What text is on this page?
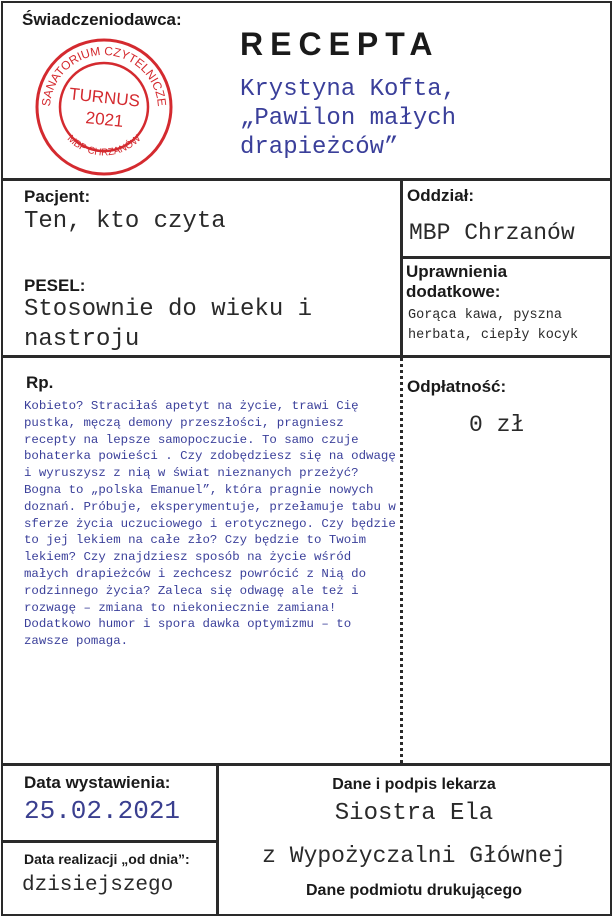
Świadczeniodawca:
SANATORIUM CZYTELNICZE
MBP CHRZANÓW
TURNUS
2021
RECEPTA
Krystyna Kofta, „Pawilon małych drapieżców”
Pacjent:
Ten, kto czyta
PESEL:
Stosownie do wieku i nastroju
Oddział:
MBP Chrzanów
Uprawnienia dodatkowe:
Gorąca kawa, pyszna herbata, ciepły kocyk
Rp.
Kobieto? Straciłaś apetyt na życie, trawi Cię pustka, męczą demony przeszłości, pragniesz recepty na lepsze samopoczucie. To samo czuje bohaterka powieści . Czy zdobędziesz się na odwagę i wyruszysz z nią w świat nieznanych przeżyć? Bogna to „polska Emanuel”, która pragnie nowych doznań. Próbuje, eksperymentuje, przełamuje tabu w sferze życia uczuciowego i erotycznego. Czy będzie to jej lekiem na całe zło? Czy będzie to Twoim lekiem? Czy znajdziesz sposób na życie wśród małych drapieżców i zechcesz powrócić z Nią do rodzinnego życia? Zaleca się odwagę ale też i rozwagę – zmiana to niekoniecznie zamiana! Dodatkowo humor i spora dawka optymizmu – to zawsze pomaga.
Odpłatność:
0 zł
Data wystawienia:
25.02.2021
Data realizacji „od dnia”:
dzisiejszego
Dane i podpis lekarza
Siostra Ela
z Wypożyczalni Głównej
Dane podmiotu drukującego
